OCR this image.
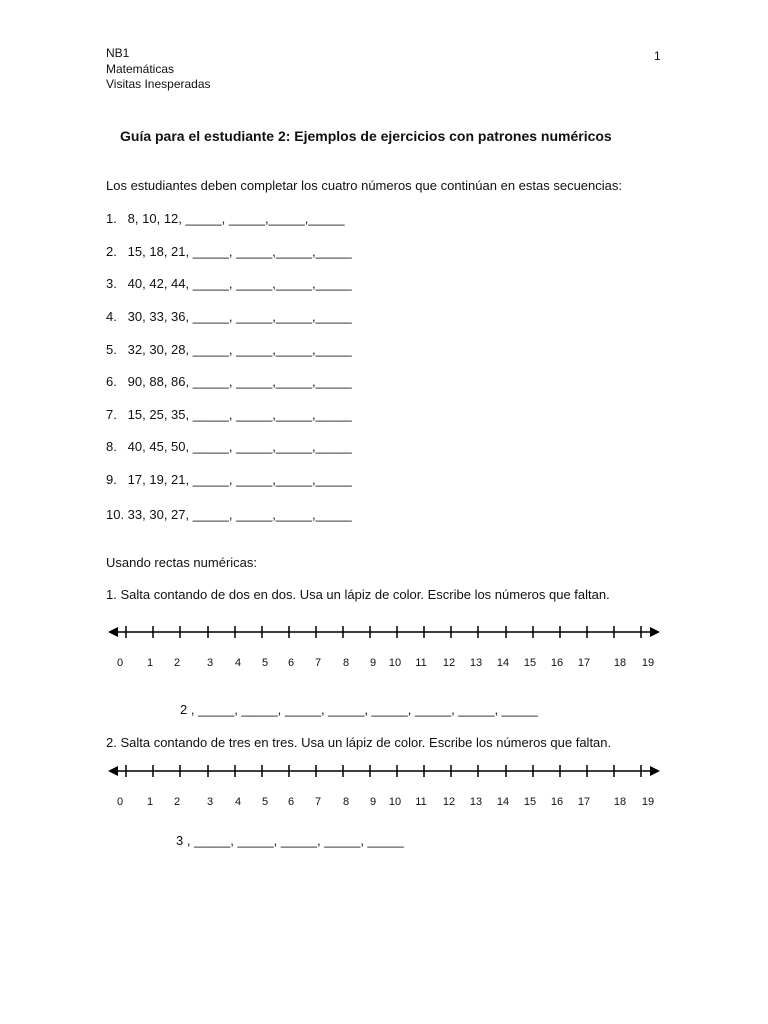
NB1
Matemáticas
Visitas Inesperadas
1
Guía para el estudiante 2: Ejemplos de ejercicios con patrones numéricos
Los estudiantes deben completar los cuatro números que continúan en estas secuencias:
1.   8, 10, 12, _____, _____,_____,_____
2.   15, 18, 21, _____, _____,_____,_____
3.   40, 42, 44, _____, _____,_____,_____
4.   30, 33, 36, _____, _____,_____,_____
5.   32, 30, 28, _____, _____,_____,_____
6.   90, 88, 86, _____, _____,_____,_____
7.   15, 25, 35, _____, _____,_____,_____
8.   40, 45, 50, _____, _____,_____,_____
9.   17, 19, 21, _____, _____,_____,_____
10. 33, 30, 27, _____, _____,_____,_____
Usando rectas numéricas:
1. Salta contando de dos en dos. Usa un lápiz de color. Escribe los números que faltan.
0 1 2 3 4 5 6 7 8 9 10 11 12 13 14 15 16 17 18 19
2 , _____, _____, _____, _____, _____, _____, _____, _____
2. Salta contando de tres en tres. Usa un lápiz de color. Escribe los números que faltan.
0 1 2 3 4 5 6 7 8 9 10 11 12 13 14 15 16 17 18 19
3 , _____, _____, _____, _____, _____
